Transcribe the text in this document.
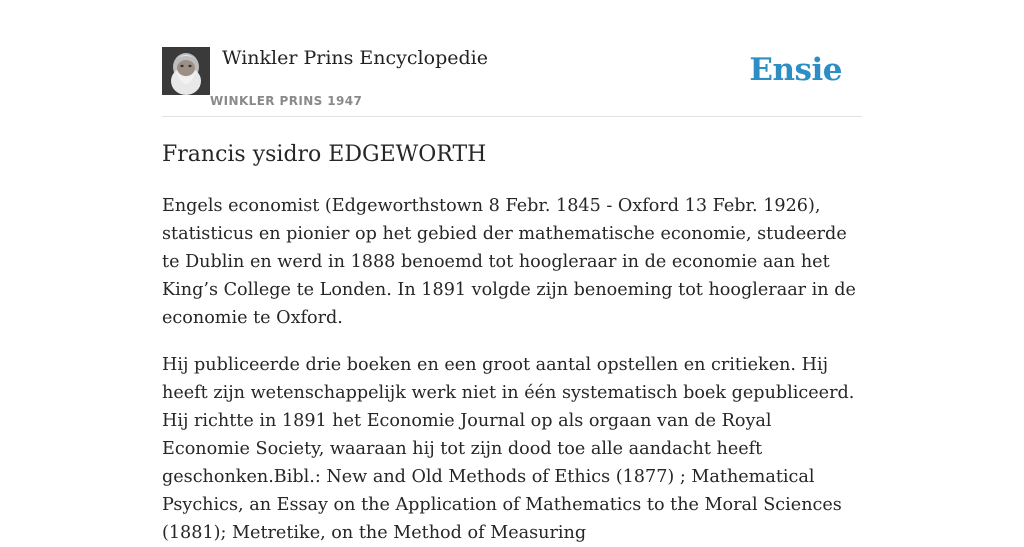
Winkler Prins Encyclopedie
WINKLER PRINS 1947
Ensie
Francis ysidro EDGEWORTH

Engels economist (Edgeworthstown 8 Febr. 1845 - Oxford 13 Febr. 1926), statisticus en pionier op het gebied der mathematische economie, studeerde te Dublin en werd in 1888 benoemd tot hoogleraar in de economie aan het King’s College te Londen. In 1891 volgde zijn benoeming tot hoogleraar in de economie te Oxford.

Hij publiceerde drie boeken en een groot aantal opstellen en critieken. Hij heeft zijn wetenschappelijk werk niet in één systematisch boek gepubliceerd. Hij richtte in 1891 het Economie Journal op als orgaan van de Royal Economie Society, waaraan hij tot zijn dood toe alle aandacht heeft geschonken.Bibl.: New and Old Methods of Ethics (1877) ; Mathematical Psychics, an Essay on the Application of Mathematics to the Moral Sciences (1881); Metretike, on the Method of Measuring
